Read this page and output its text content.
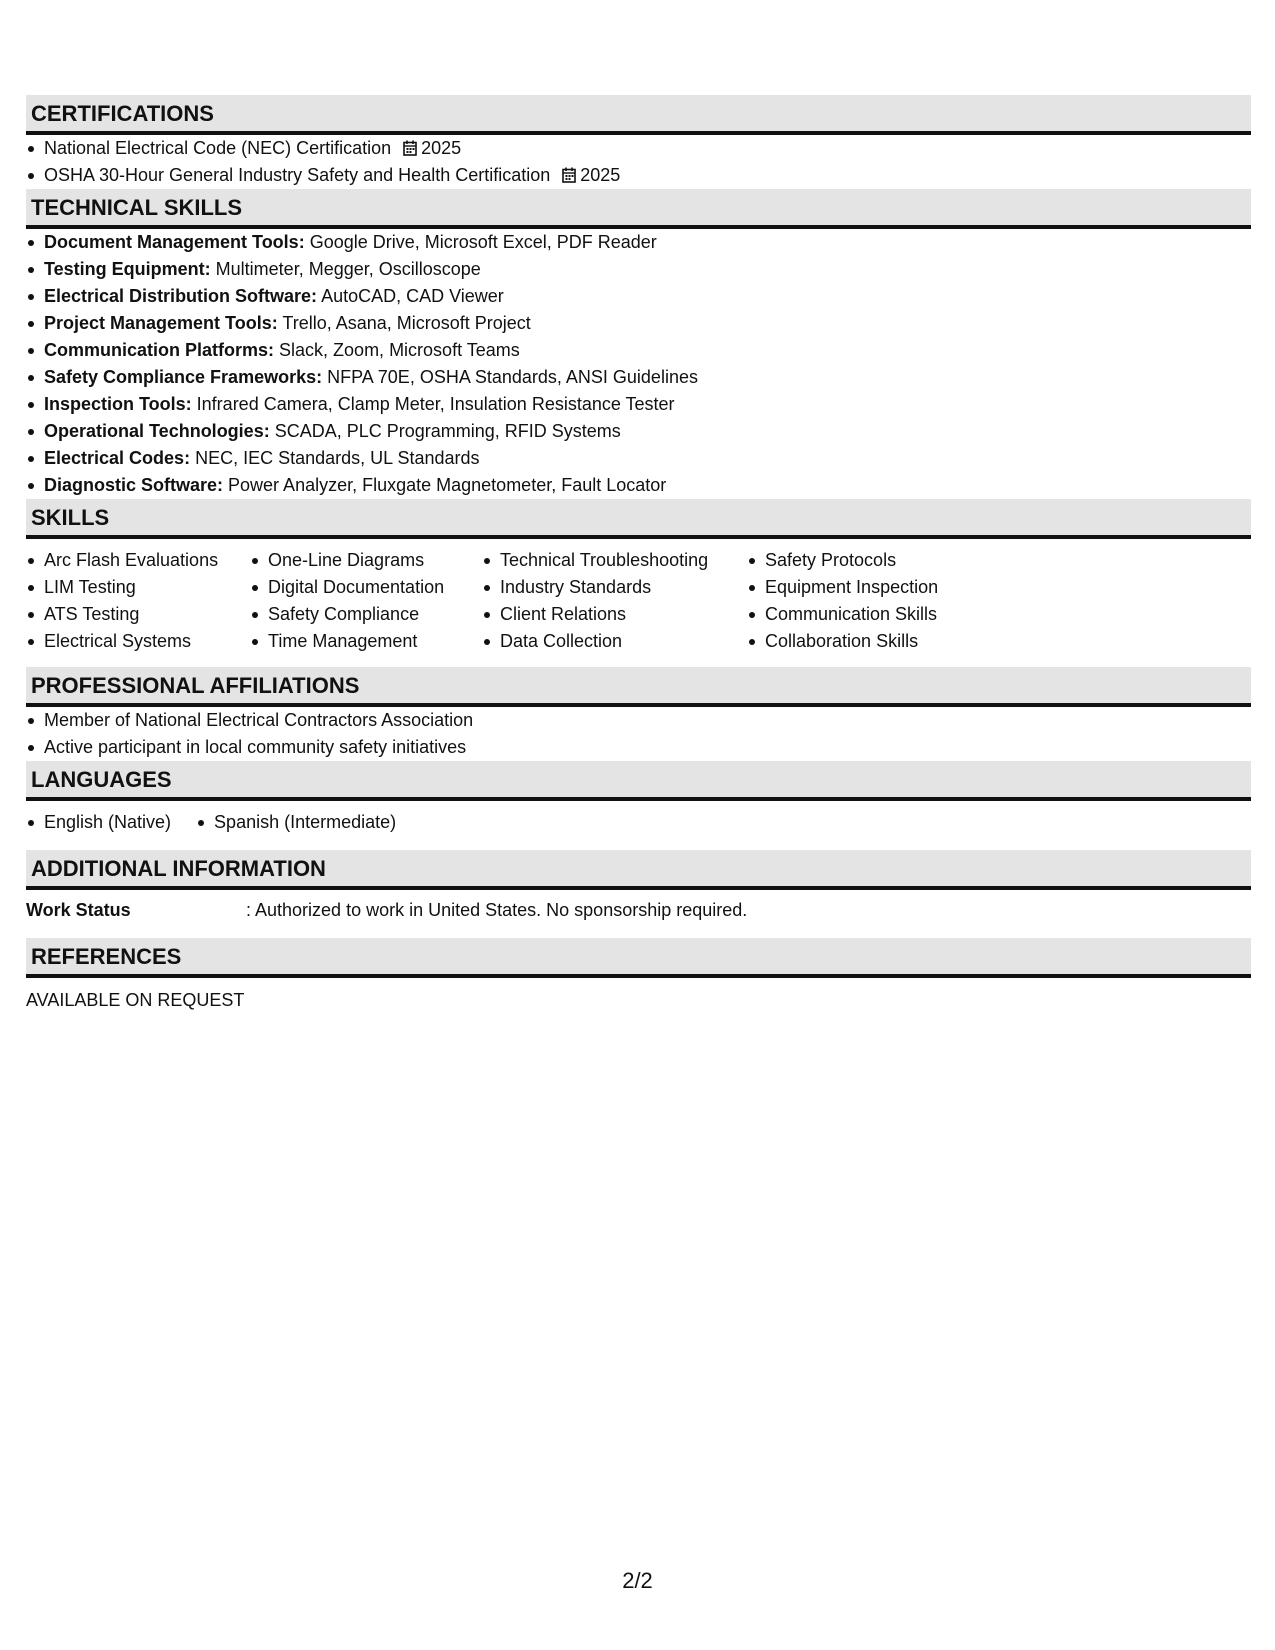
CERTIFICATIONS
National Electrical Code (NEC) Certification 2025
OSHA 30-Hour General Industry Safety and Health Certification 2025
TECHNICAL SKILLS
Document Management Tools: Google Drive, Microsoft Excel, PDF Reader
Testing Equipment: Multimeter, Megger, Oscilloscope
Electrical Distribution Software: AutoCAD, CAD Viewer
Project Management Tools: Trello, Asana, Microsoft Project
Communication Platforms: Slack, Zoom, Microsoft Teams
Safety Compliance Frameworks: NFPA 70E, OSHA Standards, ANSI Guidelines
Inspection Tools: Infrared Camera, Clamp Meter, Insulation Resistance Tester
Operational Technologies: SCADA, PLC Programming, RFID Systems
Electrical Codes: NEC, IEC Standards, UL Standards
Diagnostic Software: Power Analyzer, Fluxgate Magnetometer, Fault Locator
SKILLS
Arc Flash Evaluations
LIM Testing
ATS Testing
Electrical Systems
One-Line Diagrams
Digital Documentation
Safety Compliance
Time Management
Technical Troubleshooting
Industry Standards
Client Relations
Data Collection
Safety Protocols
Equipment Inspection
Communication Skills
Collaboration Skills
PROFESSIONAL AFFILIATIONS
Member of National Electrical Contractors Association
Active participant in local community safety initiatives
LANGUAGES
English (Native)	Spanish (Intermediate)
ADDITIONAL INFORMATION
Work Status	: Authorized to work in United States. No sponsorship required.
REFERENCES
AVAILABLE ON REQUEST
2/2
